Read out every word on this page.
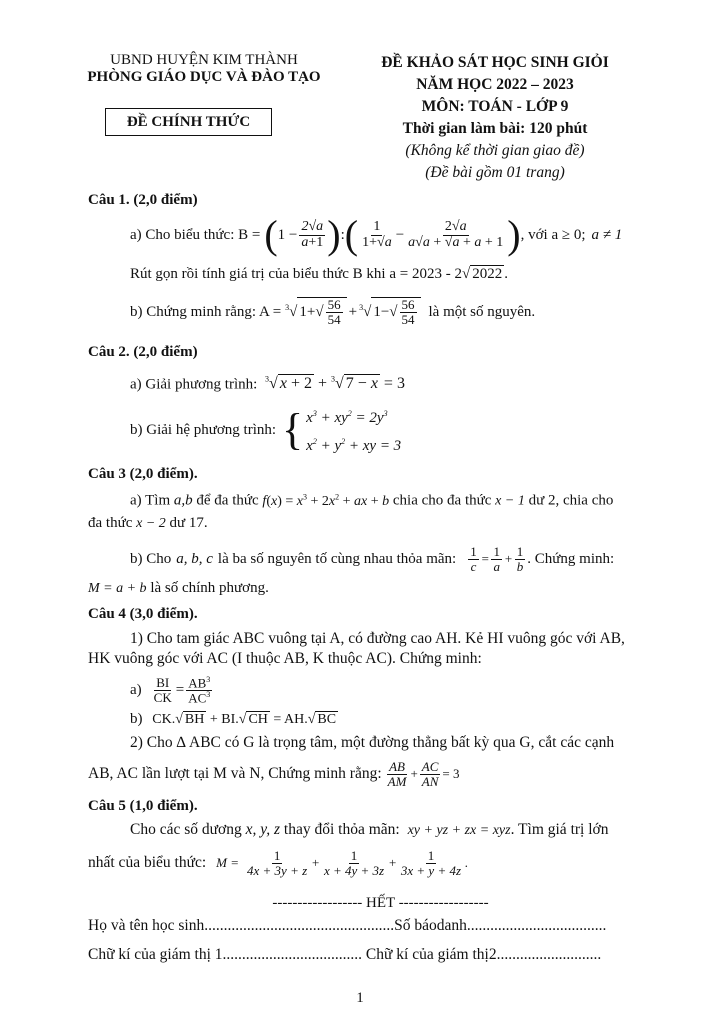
UBND HUYỆN KIM THÀNH
PHÒNG GIÁO DỤC VÀ ĐÀO TẠO
ĐỀ CHÍNH THỨC
ĐỀ KHẢO SÁT HỌC SINH GIỎI
NĂM HỌC 2022 – 2023
MÔN: TOÁN - LỚP 9
Thời gian làm bài: 120 phút
(Không kể thời gian giao đề)
(Đề bài gồm 01 trang)
Câu 1. (2,0 điểm)
a) Cho biểu thức: B = ( $1 - \frac{2√a}{a+1}$ ) : ( $\frac{1}{1+√a} - \frac{2√a}{a√a + √a + a + 1}$ ) , với a ≥ 0; a ≠ 1
Rút gọn rồi tính giá trị của biểu thức B khi a = 2023 - 2√ 2022 .
b) Chứng minh rằng: A = $^3$√ $1+√ \frac{56}{54} + ^3√$ $1-√ \frac{56}{54}$ là một số nguyên.
Câu 2. (2,0 điểm)
a) Giải phương trình: $^3$√ x + 2 + $^3$√ 7 − x = 3
b) Giải hệ phương trình: { $x^3 + xy^2 = 2y^3$
$x^2 + y^2$ + xy = 3
Câu 3 (2,0 điểm).
a) Tìm a,b để đa thức $f(x) = x^3 + 2x^2$ + ax + b chia cho đa thức x − 1 dư 2, chia cho
đa thức x − 2 dư 17.
b) Cho a, b, c là ba số nguyên tố cùng nhau thỏa mãn: $\frac{1}{c} = \frac{1}{a} + \frac{1}{b}$ . Chứng minh:
M = a + b là số chính phương.
Câu 4 (3,0 điểm).
1) Cho tam giác ABC vuông tại A, có đường cao AH. Kẻ HI vuông góc với AB,
HK vuông góc với AC (I thuộc AB, K thuộc AC). Chứng minh:
$a) \frac{BI}{CK} = \frac{AB^3}{AC^3}$
b) CK.√ BH + BI.√ CH = AH.√ BC
2) Cho ∆ ABC có G là trọng tâm, một đường thẳng bất kỳ qua G, cắt các cạnh
AB, AC lần lượt tại M và N, Chứng minh rằng: $\frac{AB}{AM} + \frac{AC}{AN} = 3$
Câu 5 (1,0 điểm).
Cho các số dương x, y, z thay đổi thỏa mãn: xy + yz + zx = xyz. Tìm giá trị lớn
nhất của biểu thức: $M = \frac{1}{4x + 3y + z} + \frac{1}{x + 4y + 3z} + \frac{1}{3x + y + 4z}$ .
------------------ HẾT ------------------
Họ và tên học sinh.................................................Số báodanh....................................
Chữ kí của giám thị 1.................................... Chữ kí của giám thị2...........................
1
